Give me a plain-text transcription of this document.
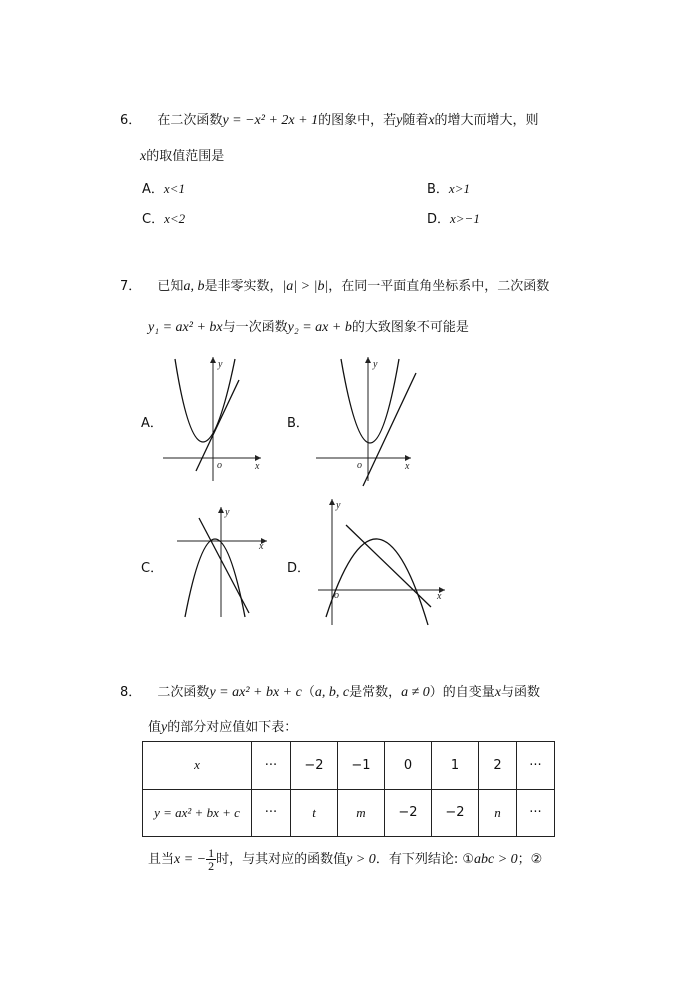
6． 在二次函数y = −x² + 2x + 1的图象中，若y随着x的增大而增大，则
x的取值范围是
A．x<1	B．x>1
C．x<2	D．x>−1
7． 已知a, b是非零实数，|a| > |b|，在同一平面直角坐标系中，二次函数
y₁ = ax² + bx与一次函数y₂ = ax + b的大致图象不可能是
A．	B．
C．	D．
x
y
o	x
y
o
x
y
x
y
o
8． 二次函数y = ax² + bx + c（a, b, c是常数，a ≠ 0）的自变量x与函数
值y的部分对应值如下表：
x	···	−2	−1	0	1	2	···
y = ax² + bx + c	···	t	m	−2	−2	n	···
且当x = − $\frac{1}{2}$ 时，与其对应的函数值y > 0．有下列结论: ①abc > 0；②
